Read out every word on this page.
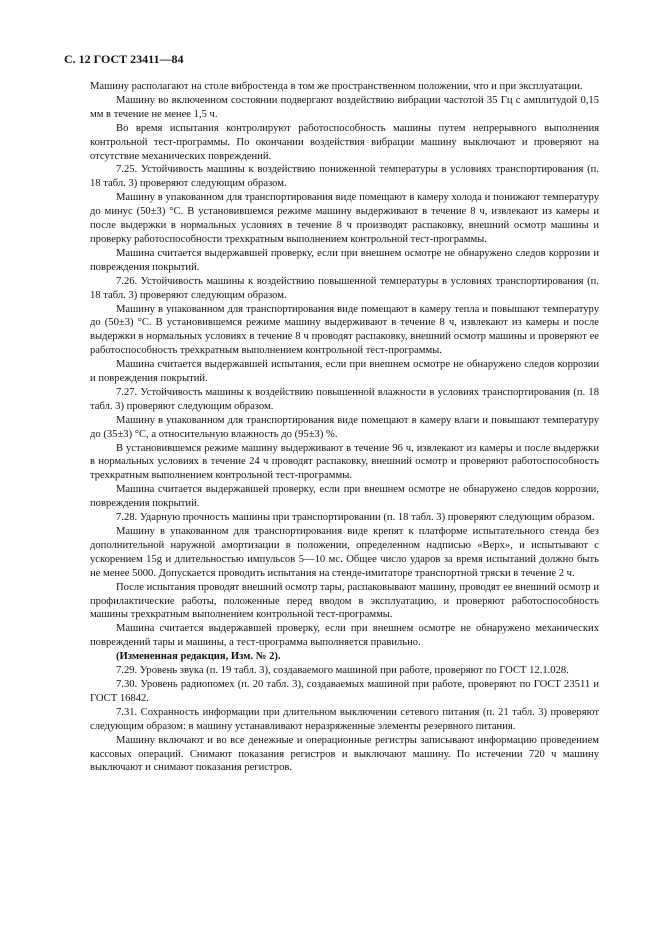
С. 12 ГОСТ 23411—84

Машину располагают на столе вибростенда в том же пространственном положении, что и при эксплуатации.

Машину во включенном состоянии подвергают воздействию вибрации частотой 35 Гц с амплитудой 0,15 мм в течение не менее 1,5 ч.

Во время испытания контролируют работоспособность машины путем непрерывного выполнения контрольной тест-программы. По окончании воздействия вибрации машину выключают и проверяют на отсутствие механических повреждений.

7.25. Устойчивость машины к воздействию пониженной температуры в условиях транспортирования (п. 18 табл. 3) проверяют следующим образом.

Машину в упакованном для транспортирования виде помещают в камеру холода и понижают температуру до минус (50±3) °С. В установившемся режиме машину выдерживают в течение 8 ч, извлекают из камеры и после выдержки в нормальных условиях в течение 8 ч производят распаковку, внешний осмотр машины и проверку работоспособности трехкратным выполнением контрольной тест-программы.

Машина считается выдержавшей проверку, если при внешнем осмотре не обнаружено следов коррозии и повреждения покрытий.

7.26. Устойчивость машины к воздействию повышенной температуры в условиях транспортирования (п. 18 табл. 3) проверяют следующим образом.

Машину в упакованном для транспортирования виде помещают в камеру тепла и повышают температуру до (50±3) °С. В установившемся режиме машину выдерживают в течение 8 ч, извлекают из камеры и после выдержки в нормальных условиях в течение 8 ч проводят распаковку, внешний осмотр машины и проверяют ее работоспособность трехкратным выполнением контрольной тест-программы.

Машина считается выдержавшей испытания, если при внешнем осмотре не обнаружено следов коррозии и повреждения покрытий.

7.27. Устойчивость машины к воздействию повышенной влажности в условиях транспортирования (п. 18 табл. 3) проверяют следующим образом.

Машину в упакованном для транспортирования виде помещают в камеру влаги и повышают температуру до (35±3) °С, а относительную влажность до (95±3) %.

В установившемся режиме машину выдерживают в течение 96 ч, извлекают из камеры и после выдержки в нормальных условиях в течение 24 ч проводят распаковку, внешний осмотр и проверяют работоспособность трехкратным выполнением контрольной тест-программы.

Машина считается выдержавшей проверку, если при внешнем осмотре не обнаружено следов коррозии, повреждения покрытий.

7.28. Ударную прочность машины при транспортировании (п. 18 табл. 3) проверяют следующим образом.

Машину в упакованном для транспортирования виде крепят к платформе испытательного стенда без дополнительной наружной амортизации в положении, определенном надписью «Верх», и испытывают с ускорением 15g и длительностью импульсов 5—10 мс. Общее число ударов за время испытаний должно быть не менее 5000. Допускается проводить испытания на стенде-имитаторе транспортной тряски в течение 2 ч.

После испытания проводят внешний осмотр тары, распаковывают машину, проводят ее внешний осмотр и профилактические работы, положенные перед вводом в эксплуатацию, и проверяют работоспособность машины трехкратным выполнением контрольной тест-программы.

Машина считается выдержавшей проверку, если при внешнем осмотре не обнаружено механических повреждений тары и машины, а тест-программа выполняется правильно.

(Измененная редакция, Изм. № 2).

7.29. Уровень звука (п. 19 табл. 3), создаваемого машиной при работе, проверяют по ГОСТ 12.1.028.

7.30. Уровень радиопомех (п. 20 табл. 3), создаваемых машиной при работе, проверяют по ГОСТ 23511 и ГОСТ 16842.

7.31. Сохранность информации при длительном выключении сетевого питания (п. 21 табл. 3) проверяют следующим образом: в машину устанавливают неразряженные элементы резервного питания.

Машину включают и во все денежные и операционные регистры записывают информацию проведением кассовых операций. Снимают показания регистров и выключают машину. По истечении 720 ч машину выключают и снимают показания регистров.
